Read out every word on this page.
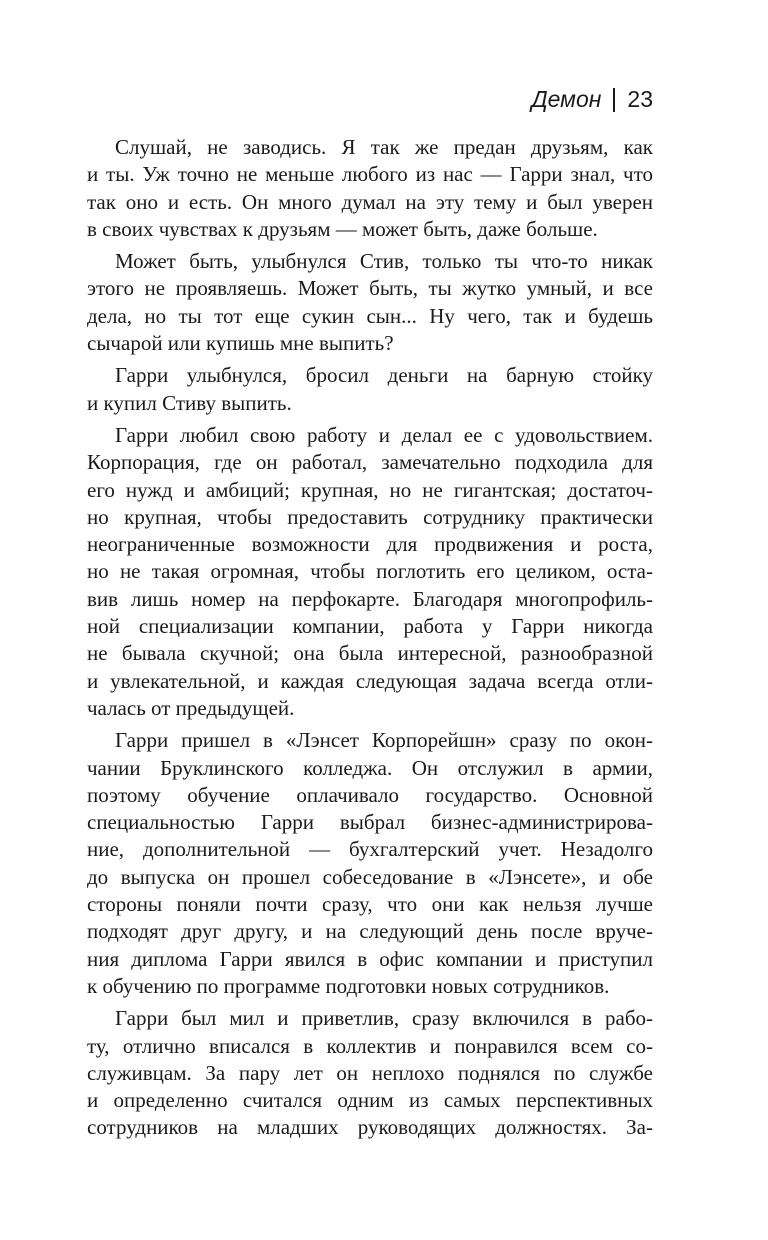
Демон 23
Слушай, не заводись. Я так же предан друзьям, как
и ты. Уж точно не меньше любого из нас — Гарри знал, что
так оно и есть. Он много думал на эту тему и был уверен
в своих чувствах к друзьям — может быть, даже больше.
Может быть, улыбнулся Стив, только ты что-то никак
этого не проявляешь. Может быть, ты жутко умный, и все
дела, но ты тот еще сукин сын... Ну чего, так и будешь
сычарой или купишь мне выпить?
Гарри улыбнулся, бросил деньги на барную стойку
и купил Стиву выпить.
Гарри любил свою работу и делал ее с удовольствием.
Корпорация, где он работал, замечательно подходила для
его нужд и амбиций; крупная, но не гигантская; достаточ-
но крупная, чтобы предоставить сотруднику практически
неограниченные возможности для продвижения и роста,
но не такая огромная, чтобы поглотить его целиком, оста-
вив лишь номер на перфокарте. Благодаря многопрофиль-
ной специализации компании, работа у Гарри никогда
не бывала скучной; она была интересной, разнообразной
и увлекательной, и каждая следующая задача всегда отли-
чалась от предыдущей.
Гарри пришел в «Лэнсет Корпорейшн» сразу по окон-
чании Бруклинского колледжа. Он отслужил в армии,
поэтому обучение оплачивало государство. Основной
специальностью Гарри выбрал бизнес-администрирова-
ние, дополнительной — бухгалтерский учет. Незадолго
до выпуска он прошел собеседование в «Лэнсете», и обе
стороны поняли почти сразу, что они как нельзя лучше
подходят друг другу, и на следующий день после вруче-
ния диплома Гарри явился в офис компании и приступил
к обучению по программе подготовки новых сотрудников.
Гарри был мил и приветлив, сразу включился в рабо-
ту, отлично вписался в коллектив и понравился всем со-
служивцам. За пару лет он неплохо поднялся по службе
и определенно считался одним из самых перспективных
сотрудников на младших руководящих должностях. За-
